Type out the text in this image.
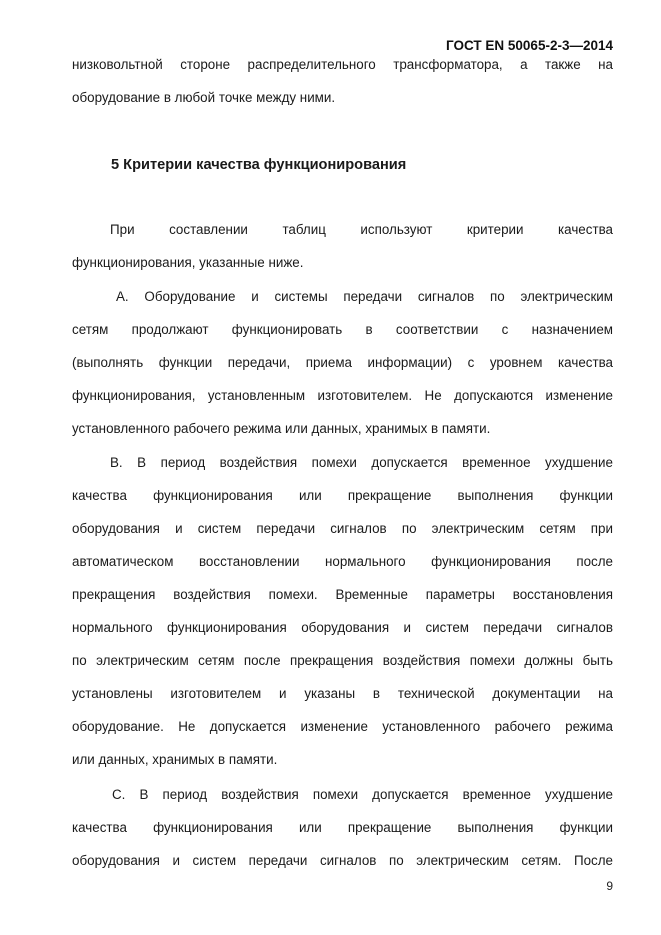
ГОСТ EN 50065-2-3—2014
низковольтной стороне распределительного трансформатора, а также на
оборудование в любой точке между ними.
5 Критерии качества функционирования
При составлении таблиц используют критерии качества
функционирования, указанные ниже.
А. Оборудование и системы передачи сигналов по электрическим
сетям продолжают функционировать в соответствии с назначением
(выполнять функции передачи, приема информации) с уровнем качества
функционирования, установленным изготовителем. Не допускаются изменение
установленного рабочего режима или данных, хранимых в памяти.
В. В период воздействия помехи допускается временное ухудшение
качества функционирования или прекращение выполнения функции
оборудования и систем передачи сигналов по электрическим сетям при
автоматическом восстановлении нормального функционирования после
прекращения воздействия помехи. Временные параметры восстановления
нормального функционирования оборудования и систем передачи сигналов
по электрическим сетям после прекращения воздействия помехи должны быть
установлены изготовителем и указаны в технической документации на
оборудование. Не допускается изменение установленного рабочего режима
или данных, хранимых в памяти.
С. В период воздействия помехи допускается временное ухудшение
качества функционирования или прекращение выполнения функции
оборудования и систем передачи сигналов по электрическим сетям. После
9
